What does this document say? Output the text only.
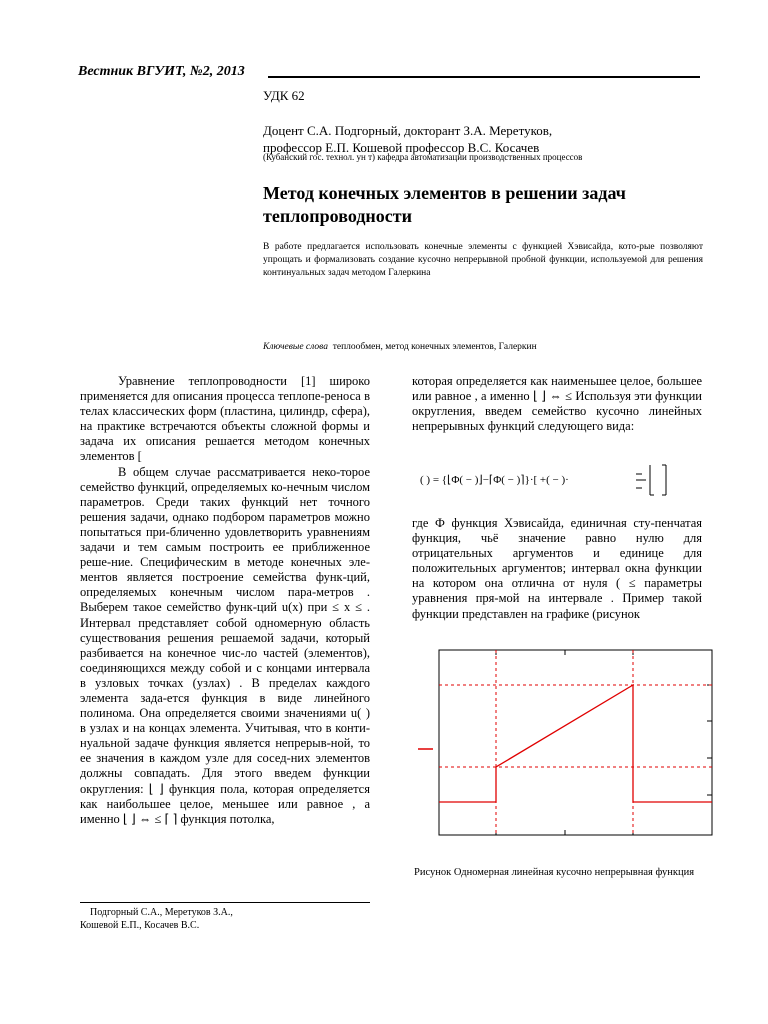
Вестник ВГУИТ, №2, 2013
УДК 62
Доцент С.А. Подгорный, докторант З.А. Меретуков,
профессор Е.П. Кошевой профессор В.С. Косачев
(Кубанский гос. технол. ун т) кафедра автоматизации производственных процессов
Метод конечных элементов в решении задач
теплопроводности
В работе предлагается использовать конечные элементы с функцией Хэвисайда, кото-рые позволяют упрощать и формализовать создание кусочно непрерывной пробной функции, используемой для решения континуальных задач методом Галеркина
Ключевые слова теплообмен, метод конечных элементов, Галеркин

Уравнение теплопроводности [1] широко применяется для описания процесса теплопе-реноса в телах классических форм (пластина, цилиндр, сфера), на практике встречаются объекты сложной формы и задача их описания решается методом конечных элементов [

В общем случае рассматривается неко-торое семейство функций, определяемых ко-нечным числом параметров. Среди таких функций нет точного решения задачи, однако подбором параметров можно попытаться при-бличенно удовлетворить уравнениям задачи и тем самым построить ее приближенное реше-ние. Специфическим в методе конечных эле-ментов является построение семейства функ-ций, определяемых конечным числом пара-метров . Выберем такое семейство функ-ций u(x) при ≤ x ≤ . Интервал представляет собой одномерную область существования решения решаемой задачи, который разбивается на конечное чис-ло частей (элементов), соединяющихся между собой и с концами интервала в узловых точках (узлах) . В пределах каждого элемента зада-ется функция в виде линейного полинома. Она определяется своими значениями u( ) в узлах и на концах элемента. Учитывая, что в конти-нуальной задаче функция является непрерыв-ной, то ее значения в каждом узле для сосед-них элементов должны совпадать. Для этого введем функции округления: ⌊ ⌋ функция пола, которая определяется как наибольшее целое, меньшее или равное , а именно ⌊ ⌋ ⇔ ≤ ⌈ ⌉ функция потолка,

которая определяется как наименьшее целое, большее или равное , а именно ⌊ ⌋ ⇔ ≤ Используя эти функции округления, введем семейство кусочно линейных непрерывных функций следующего вида:

( ) = {⌊Φ( − )⌋−⌈Φ( − )⌉}·[ +( − )·

где Ф функция Хэвисайда, единичная сту-пенчатая функция, чьё значение равно нулю для отрицательных аргументов и единице для положительных аргументов; интервал окна функции на котором она отлична от нуля ( ≤ параметры уравнения пря-мой на интервале . Пример такой функции представлен на графике (рисунок

Рисунок Одномерная линейная кусочно непрерывная функция
Подгорный С.А., Меретуков З.А.,
Кошевой Е.П., Косачев В.С.
